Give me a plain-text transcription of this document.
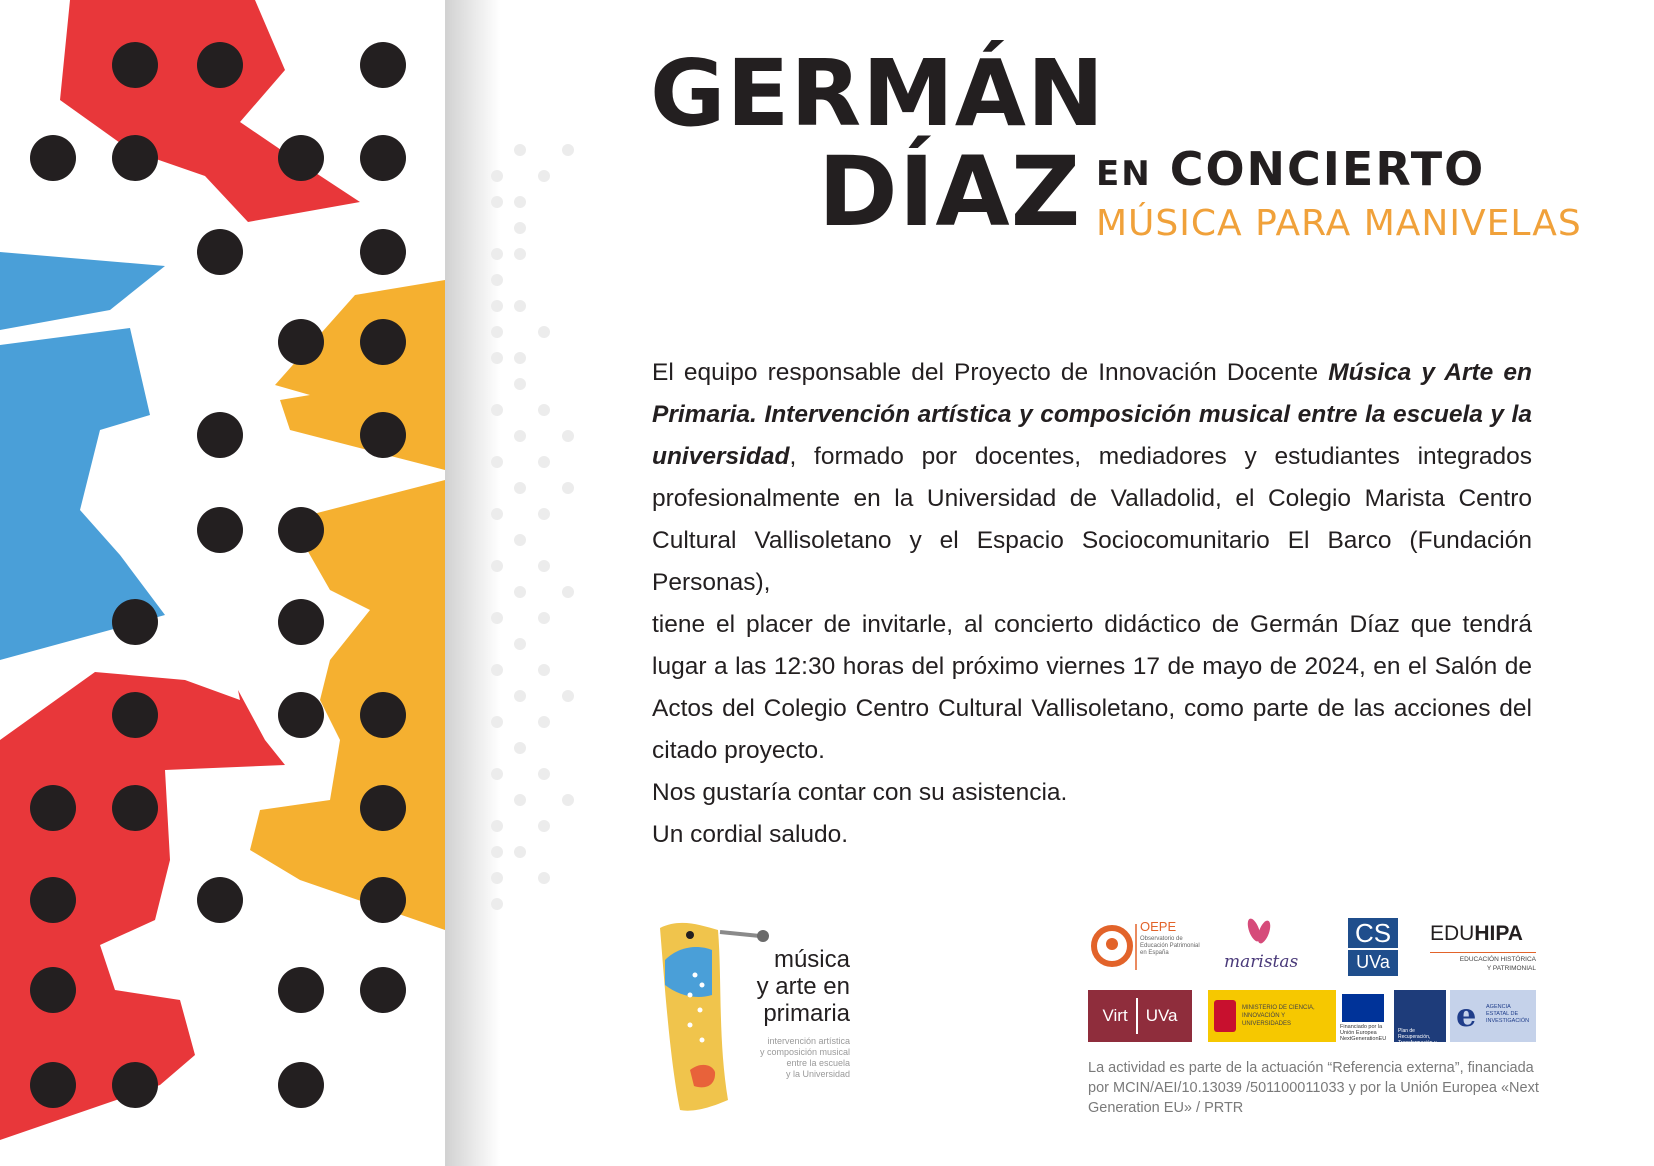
GERMÁN
DÍAZ EN CONCIERTO
MÚSICA PARA MANIVELAS

El equipo responsable del Proyecto de Innovación Docente Música y Arte en Primaria. Intervención artística y composición musical entre la escuela y la universidad, formado por docentes, mediadores y estudiantes integrados profesionalmente en la Universidad de Valladolid, el Colegio Marista Centro Cultural Vallisoletano y el Espacio Sociocomunitario El Barco (Fundación Personas),

tiene el placer de invitarle, al concierto didáctico de Germán Díaz que tendrá lugar a las 12:30 horas del próximo viernes 17 de mayo de 2024, en el Salón de Actos del Colegio Centro Cultural Vallisoletano, como parte de las acciones del citado proyecto.

Nos gustaría contar con su asistencia.

Un cordial saludo.

música
y arte en
primaria
intervención artística
y composición musical
entre la escuela
y la Universidad
OEPE
Observatorio de Educación Patrimonial en España	maristas
CS
UVa
EDUHIPA
EDUCACIÓN HISTÓRICA
Y PATRIMONIAL
Virt UVa	MINISTERIO DE CIENCIA, INNOVACIÓN Y UNIVERSIDADES	Financiado por la Unión Europea NextGenerationEU
Plan de Recuperación, Transformación y Resiliencia
e AGENCIA ESTATAL DE INVESTIGACIÓN
La actividad es parte de la actuación “Referencia externa”, financiada por MCIN/AEI/10.13039 /501100011033 y por la Unión Europea «Next Generation EU» / PRTR
